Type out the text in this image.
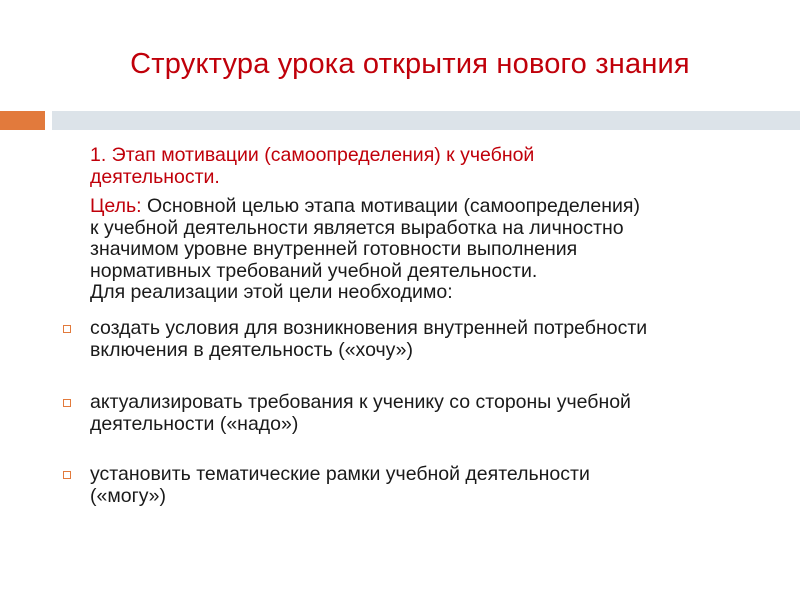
Структура урока открытия нового знания
1. Этап мотивации (самоопределения) к учебной
деятельности.
Цель: Основной целью этапа мотивации (самоопределения)
к учебной деятельности является выработка на личностно
значимом уровне внутренней готовности выполнения
нормативных требований учебной деятельности.
Для реализации этой цели необходимо:
создать условия для возникновения внутренней потребности
включения в деятельность («хочу»)
актуализировать требования к ученику со стороны учебной
деятельности («надо»)
установить тематические рамки учебной деятельности
(«могу»)
